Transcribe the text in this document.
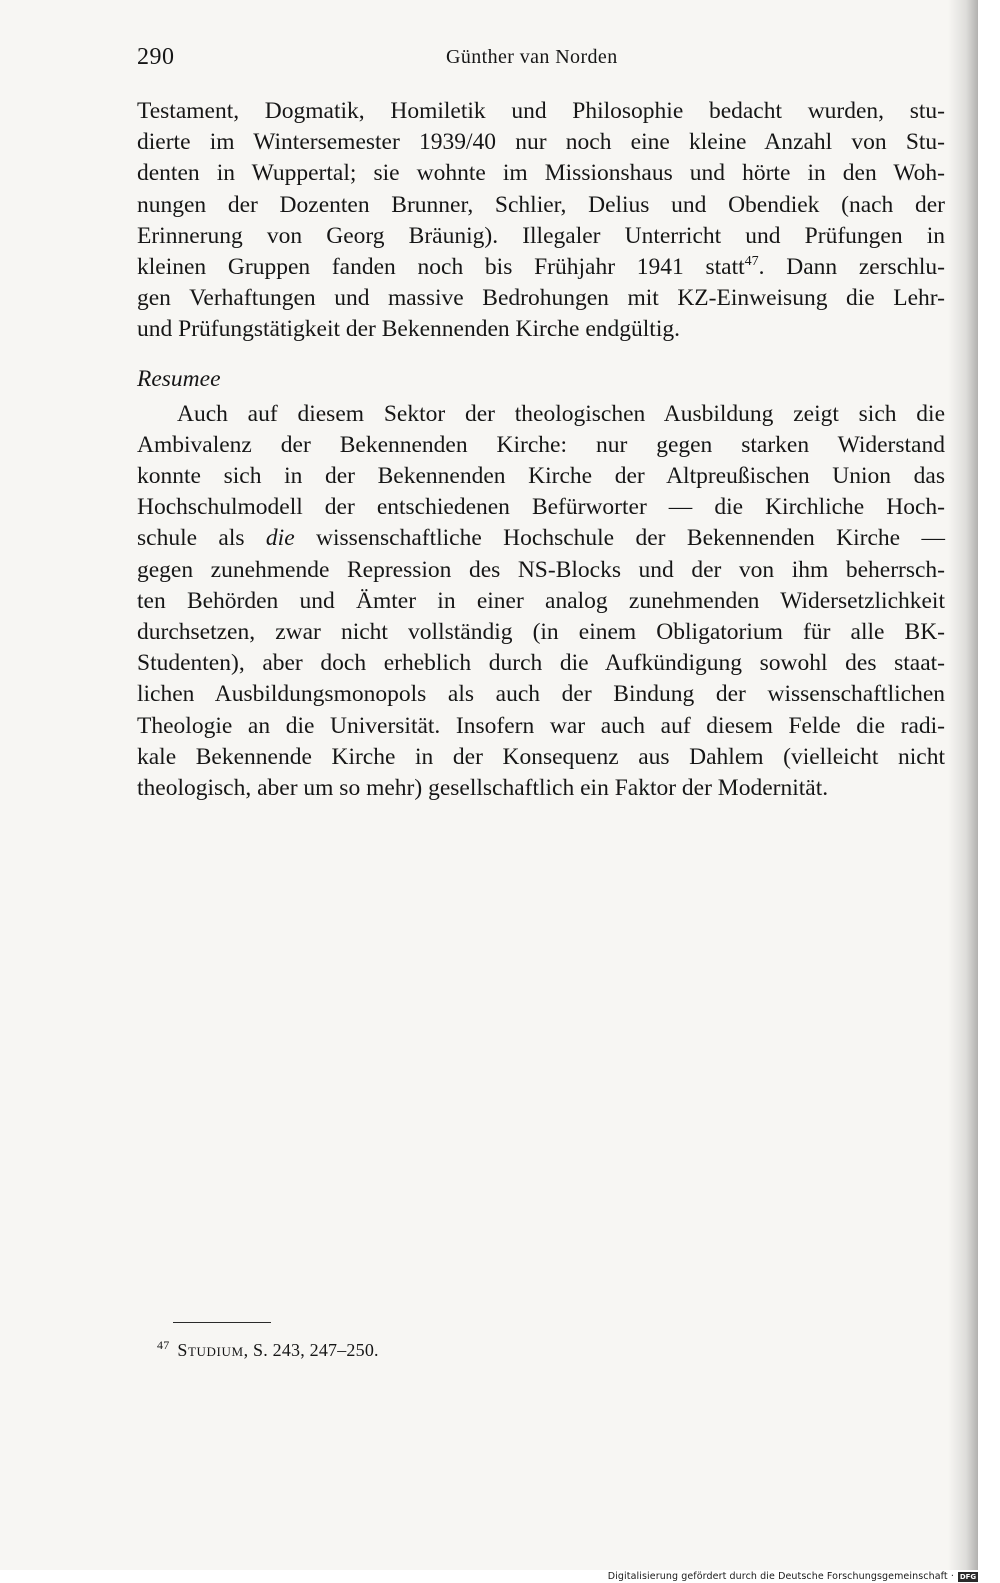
290	Günther van Norden
Testament, Dogmatik, Homiletik und Philosophie bedacht wurden, stu-
dierte im Wintersemester 1939/40 nur noch eine kleine Anzahl von Stu-
denten in Wuppertal; sie wohnte im Missionshaus und hörte in den Woh-
nungen der Dozenten Brunner, Schlier, Delius und Obendiek (nach der
Erinnerung von Georg Bräunig). Illegaler Unterricht und Prüfungen in
kleinen Gruppen fanden noch bis Frühjahr 1941 statt$^{47}$. Dann zerschlu-
gen Verhaftungen und massive Bedrohungen mit KZ-Einweisung die Lehr-
und Prüfungstätigkeit der Bekennenden Kirche endgültig.
Resumee
Auch auf diesem Sektor der theologischen Ausbildung zeigt sich die
Ambivalenz der Bekennenden Kirche: nur gegen starken Widerstand
konnte sich in der Bekennenden Kirche der Altpreußischen Union das
Hochschulmodell der entschiedenen Befürworter — die Kirchliche Hoch-
schule als die wissenschaftliche Hochschule der Bekennenden Kirche —
gegen zunehmende Repression des NS-Blocks und der von ihm beherrsch-
ten Behörden und Ämter in einer analog zunehmenden Widersetzlichkeit
durchsetzen, zwar nicht vollständig (in einem Obligatorium für alle BK-
Studenten), aber doch erheblich durch die Aufkündigung sowohl des staat-
lichen Ausbildungsmonopols als auch der Bindung der wissenschaftlichen
Theologie an die Universität. Insofern war auch auf diesem Felde die radi-
kale Bekennende Kirche in der Konsequenz aus Dahlem (vielleicht nicht
theologisch, aber um so mehr) gesellschaftlich ein Faktor der Modernität.
$^{47}$ Studium, S. 243, 247–250.
Digitalisierung gefördert durch die Deutsche Forschungsgemeinschaft · DFG
